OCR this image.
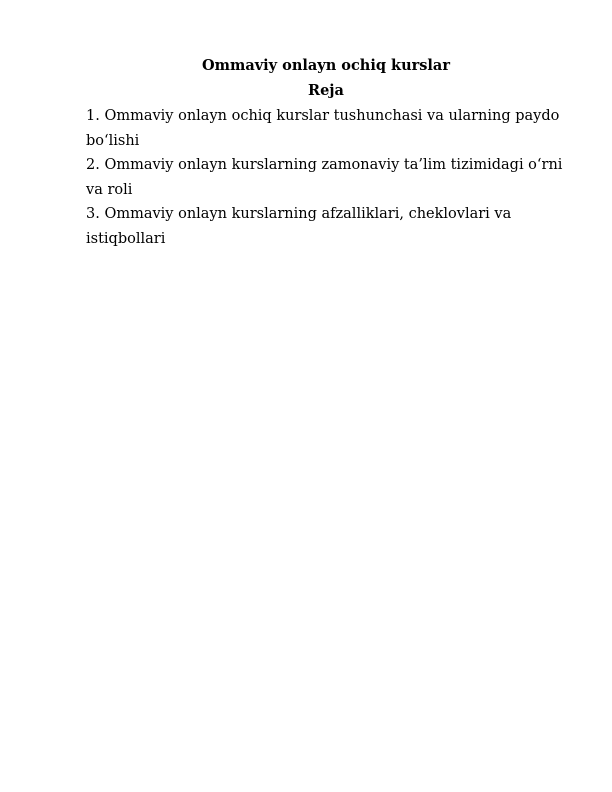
Ommaviy onlayn ochiq kurslar
Reja
1. Ommaviy onlayn ochiq kurslar tushunchasi va ularning paydo bo‘lishi
2. Ommaviy onlayn kurslarning zamonaviy ta’lim tizimidagi o‘rni va roli
3. Ommaviy onlayn kurslarning afzalliklari, cheklovlari va istiqbollari
